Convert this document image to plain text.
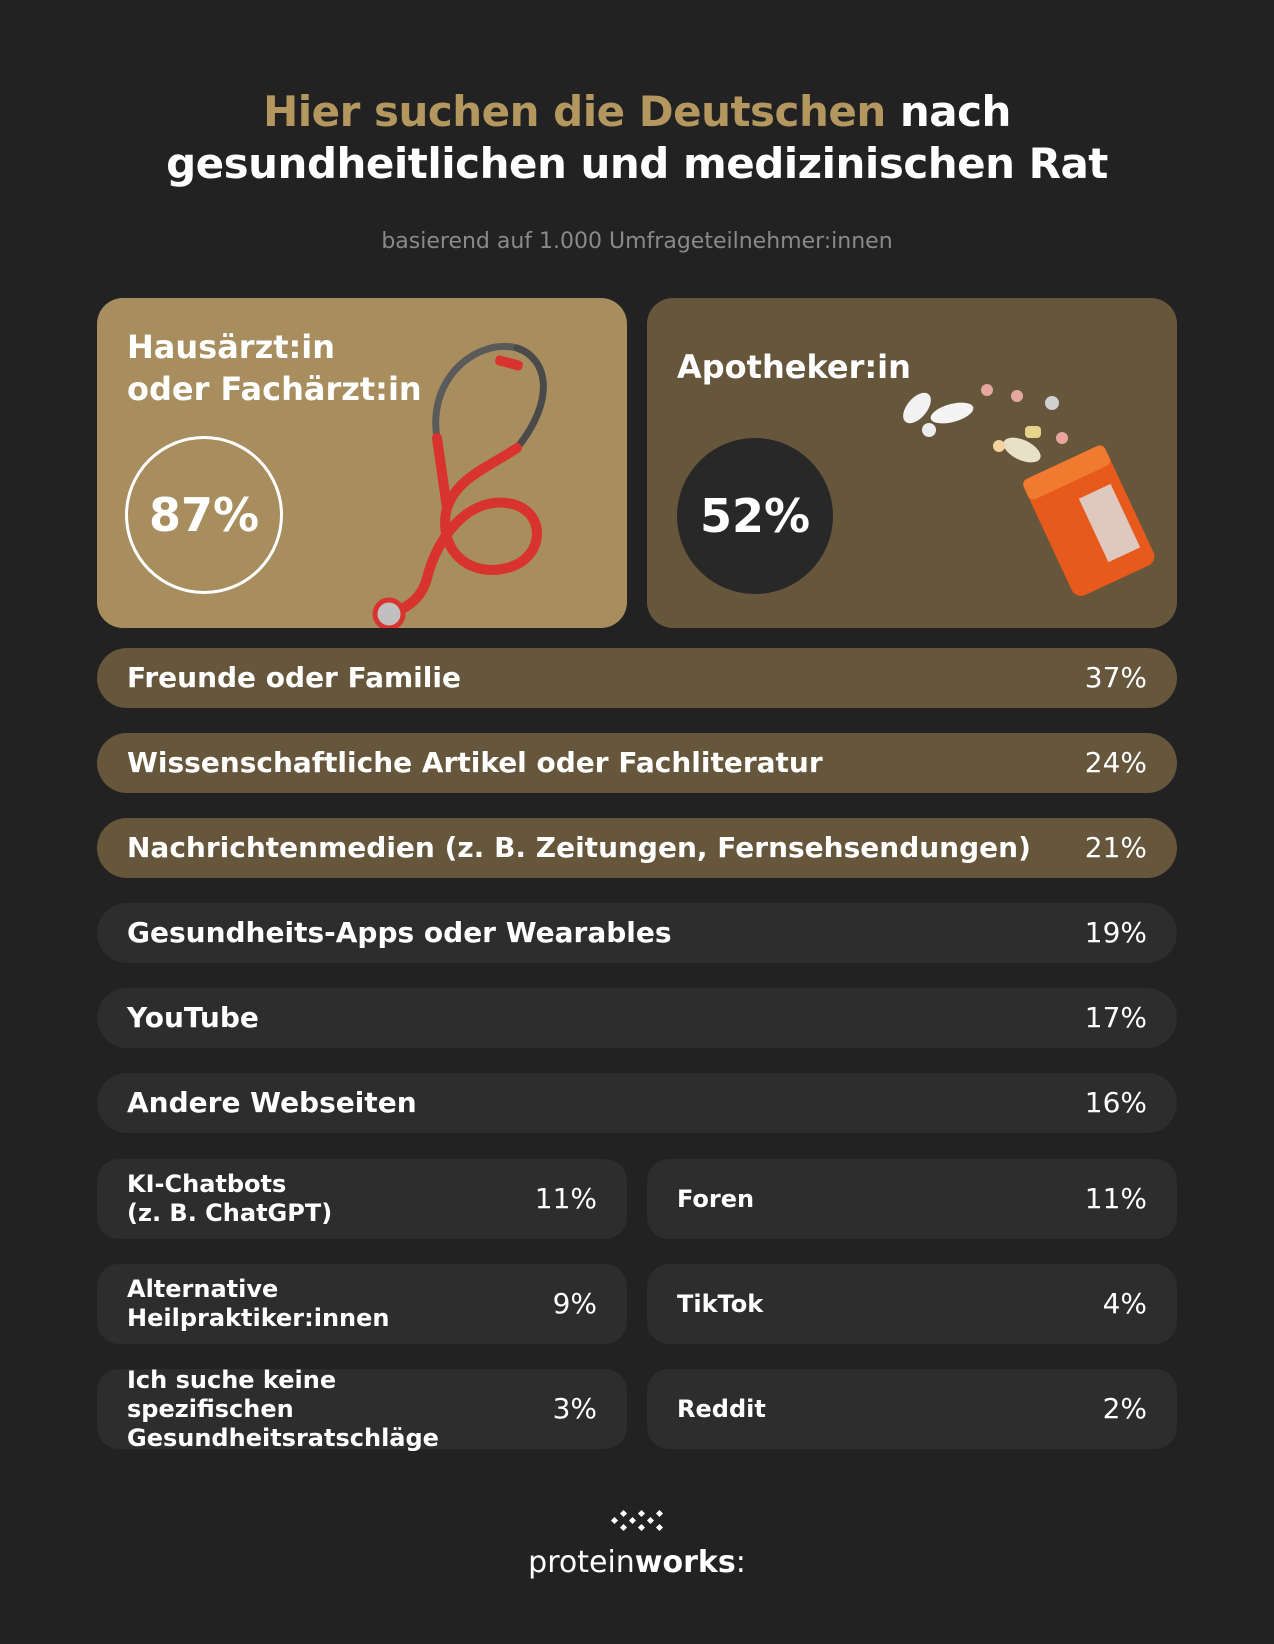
Hier suchen die Deutschen nach
gesundheitlichen und medizinischen Rat
basierend auf 1.000 Umfrageteilnehmer:innen
Hausärzt:in
oder Fachärzt:in
87%
Apotheker:in
52%
Freunde oder Familie	37%
Wissenschaftliche Artikel oder Fachliteratur	24%
Nachrichtenmedien (z. B. Zeitungen, Fernsehsendungen) 21%
Gesundheits-Apps oder Wearables	19%
YouTube	17%
Andere Webseiten	16%
KI-Chatbots
(z. B. ChatGPT)	11%	Foren	11%
Alternative
Heilpraktiker:innen	9%	TikTok	4%
Ich suche keine spezifischen
Gesundheitsratschläge
3%	Reddit	2%
proteinworks:
